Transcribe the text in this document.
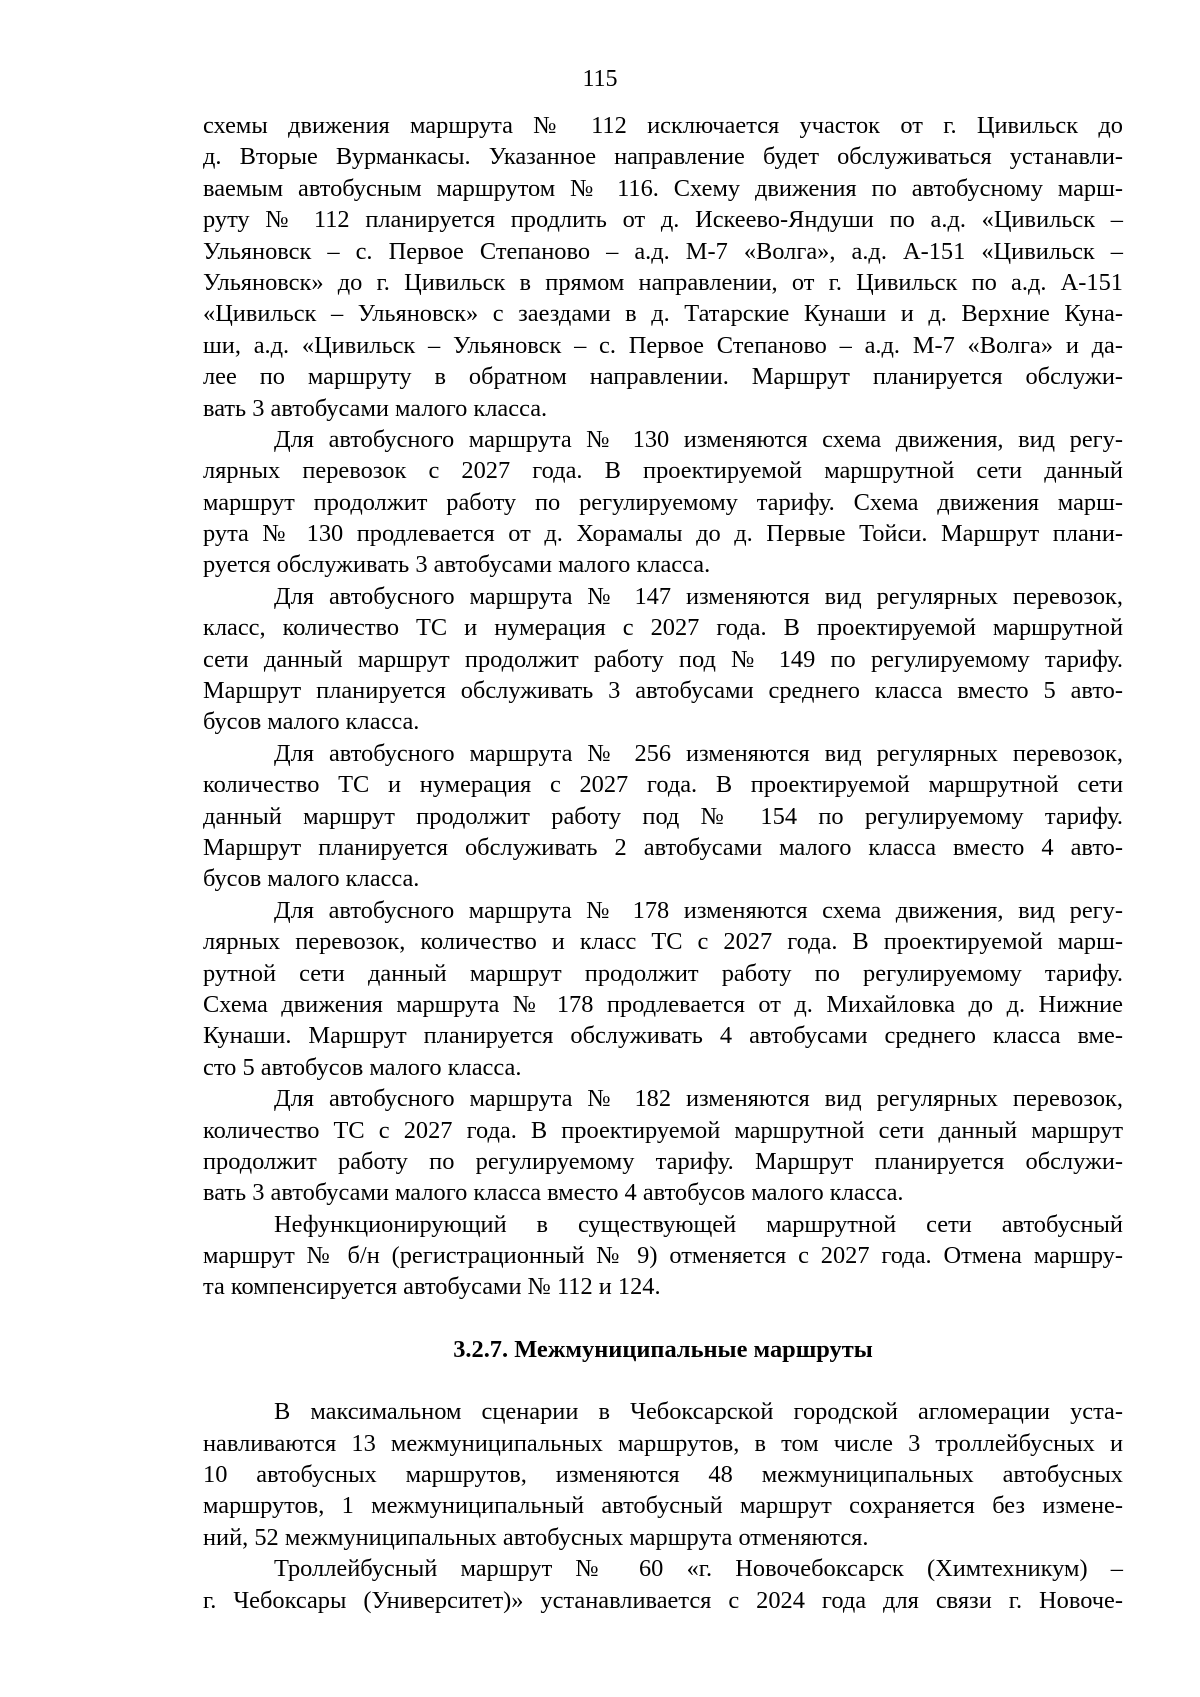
115
схемы движения маршрута № 112 исключается участок от г. Цивильск до
д. Вторые Вурманкасы. Указанное направление будет обслуживаться устанавли-
ваемым автобусным маршрутом № 116. Схему движения по автобусному марш-
руту № 112 планируется продлить от д. Искеево-Яндуши по а.д. «Цивильск –
Ульяновск – с. Первое Степаново – а.д. М-7 «Волга», а.д. А-151 «Цивильск –
Ульяновск» до г. Цивильск в прямом направлении, от г. Цивильск по а.д. А-151
«Цивильск – Ульяновск» с заездами в д. Татарские Кунаши и д. Верхние Куна-
ши, а.д. «Цивильск – Ульяновск – с. Первое Степаново – а.д. М-7 «Волга» и да-
лее по маршруту в обратном направлении. Маршрут планируется обслужи-
вать 3 автобусами малого класса.
Для автобусного маршрута № 130 изменяются схема движения, вид регу-
лярных перевозок с 2027 года. В проектируемой маршрутной сети данный
маршрут продолжит работу по регулируемому тарифу. Схема движения марш-
рута № 130 продлевается от д. Хорамалы до д. Первые Тойси. Маршрут плани-
руется обслуживать 3 автобусами малого класса.
Для автобусного маршрута № 147 изменяются вид регулярных перевозок,
класс, количество ТС и нумерация с 2027 года. В проектируемой маршрутной
сети данный маршрут продолжит работу под № 149 по регулируемому тарифу.
Маршрут планируется обслуживать 3 автобусами среднего класса вместо 5 авто-
бусов малого класса.
Для автобусного маршрута № 256 изменяются вид регулярных перевозок,
количество ТС и нумерация с 2027 года. В проектируемой маршрутной сети
данный маршрут продолжит работу под № 154 по регулируемому тарифу.
Маршрут планируется обслуживать 2 автобусами малого класса вместо 4 авто-
бусов малого класса.
Для автобусного маршрута № 178 изменяются схема движения, вид регу-
лярных перевозок, количество и класс ТС с 2027 года. В проектируемой марш-
рутной сети данный маршрут продолжит работу по регулируемому тарифу.
Схема движения маршрута № 178 продлевается от д. Михайловка до д. Нижние
Кунаши. Маршрут планируется обслуживать 4 автобусами среднего класса вме-
сто 5 автобусов малого класса.
Для автобусного маршрута № 182 изменяются вид регулярных перевозок,
количество ТС с 2027 года. В проектируемой маршрутной сети данный маршрут
продолжит работу по регулируемому тарифу. Маршрут планируется обслужи-
вать 3 автобусами малого класса вместо 4 автобусов малого класса.
Нефункционирующий в существующей маршрутной сети автобусный
маршрут № б/н (регистрационный № 9) отменяется с 2027 года. Отмена маршру-
та компенсируется автобусами № 112 и 124.
3.2.7. Межмуниципальные маршруты
В максимальном сценарии в Чебоксарской городской агломерации уста-
навливаются 13 межмуниципальных маршрутов, в том числе 3 троллейбусных и
10 автобусных маршрутов, изменяются 48 межмуниципальных автобусных
маршрутов, 1 межмуниципальный автобусный маршрут сохраняется без измене-
ний, 52 межмуниципальных автобусных маршрута отменяются.
Троллейбусный маршрут № 60 «г. Новочебоксарск (Химтехникум) –
г. Чебоксары (Университет)» устанавливается с 2024 года для связи г. Новоче-
